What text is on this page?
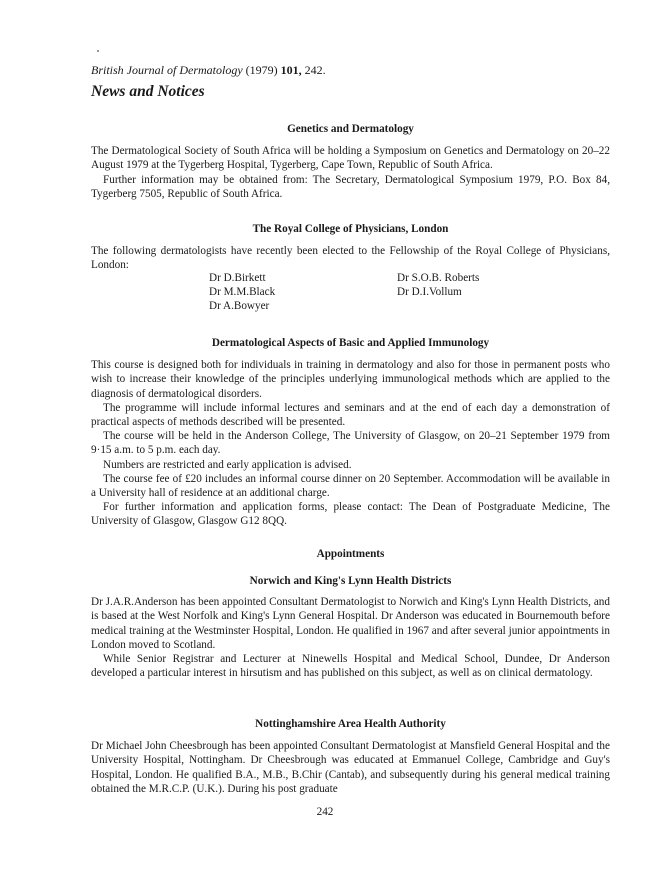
British Journal of Dermatology (1979) 101, 242.
News and Notices
Genetics and Dermatology

The Dermatological Society of South Africa will be holding a Symposium on Genetics and Dermatology on 20–22 August 1979 at the Tygerberg Hospital, Tygerberg, Cape Town, Republic of South Africa.

Further information may be obtained from: The Secretary, Dermatological Symposium 1979, P.O. Box 84, Tygerberg 7505, Republic of South Africa.

The Royal College of Physicians, London

The following dermatologists have recently been elected to the Fellowship of the Royal College of Physicians, London:

Dr D.Birkett
Dr M.M.Black
Dr A.Bowyer
Dr S.O.B. Roberts
Dr D.I.Vollum
Dermatological Aspects of Basic and Applied Immunology

This course is designed both for individuals in training in dermatology and also for those in permanent posts who wish to increase their knowledge of the principles underlying immunological methods which are applied to the diagnosis of dermatological disorders.

The programme will include informal lectures and seminars and at the end of each day a demonstration of practical aspects of methods described will be presented.

The course will be held in the Anderson College, The University of Glasgow, on 20–21 September 1979 from 9·15 a.m. to 5 p.m. each day.

Numbers are restricted and early application is advised.

The course fee of £20 includes an informal course dinner on 20 September. Accommodation will be available in a University hall of residence at an additional charge.

For further information and application forms, please contact: The Dean of Postgraduate Medicine, The University of Glasgow, Glasgow G12 8QQ.

Appointments
Norwich and King's Lynn Health Districts

Dr J.A.R.Anderson has been appointed Consultant Dermatologist to Norwich and King's Lynn Health Districts, and is based at the West Norfolk and King's Lynn General Hospital. Dr Anderson was educated in Bournemouth before medical training at the Westminster Hospital, London. He qualified in 1967 and after several junior appointments in London moved to Scotland.

While Senior Registrar and Lecturer at Ninewells Hospital and Medical School, Dundee, Dr Anderson developed a particular interest in hirsutism and has published on this subject, as well as on clinical dermatology.

Nottinghamshire Area Health Authority

Dr Michael John Cheesbrough has been appointed Consultant Dermatologist at Mansfield General Hospital and the University Hospital, Nottingham. Dr Cheesbrough was educated at Emmanuel College, Cambridge and Guy's Hospital, London. He qualified B.A., M.B., B.Chir (Cantab), and subsequently during his general medical training obtained the M.R.C.P. (U.K.). During his post graduate

242
